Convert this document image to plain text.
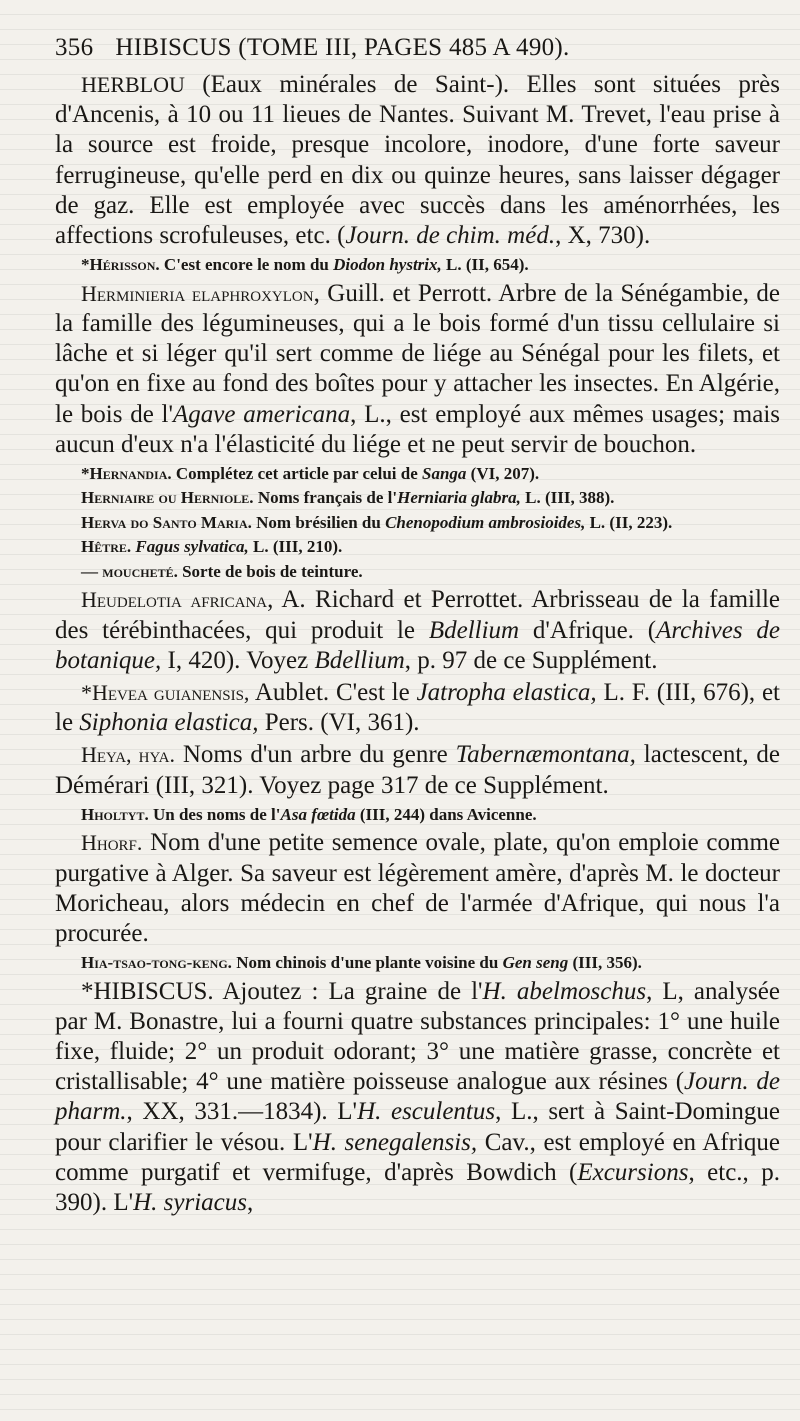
356 HIBISCUS (TOME III, PAGES 485 A 490).

HERBLOU (Eaux minérales de Saint-). Elles sont situées près d'Ancenis, à 10 ou 11 lieues de Nantes. Suivant M. Trevet, l'eau prise à la source est froide, presque incolore, inodore, d'une forte saveur ferrugineuse, qu'elle perd en dix ou quinze heures, sans laisser dégager de gaz. Elle est employée avec succès dans les aménorrhées, les affections scrofuleuses, etc. (Journ. de chim. méd., X, 730).

*Hérisson. C'est encore le nom du Diodon hystrix, L. (II, 654).

Herminieria elaphroxylon, Guill. et Perrott. Arbre de la Sénégambie, de la famille des légumineuses, qui a le bois formé d'un tissu cellulaire si lâche et si léger qu'il sert comme de liége au Sénégal pour les filets, et qu'on en fixe au fond des boîtes pour y attacher les insectes. En Algérie, le bois de l'Agave americana, L., est employé aux mêmes usages; mais aucun d'eux n'a l'élasticité du liége et ne peut servir de bouchon.

*Hernandia. Complétez cet article par celui de Sanga (VI, 207).

Herniaire ou Herniole. Noms français de l'Herniaria glabra, L. (III, 388).

Herva do Santo Maria. Nom brésilien du Chenopodium ambrosioides, L. (II, 223).

Hêtre. Fagus sylvatica, L. (III, 210).

— moucheté. Sorte de bois de teinture.

Heudelotia africana, A. Richard et Perrottet. Arbrisseau de la famille des térébinthacées, qui produit le Bdellium d'Afrique. (Archives de botanique, I, 420). Voyez Bdellium, p. 97 de ce Supplément.

*Hevea guianensis, Aublet. C'est le Jatropha elastica, L. F. (III, 676), et le Siphonia elastica, Pers. (VI, 361).

Heya, hya. Noms d'un arbre du genre Tabernæmontana, lactescent, de Démérari (III, 321). Voyez page 317 de ce Supplément.

Hholtyt. Un des noms de l'Asa fœtida (III, 244) dans Avicenne.

Hhorf. Nom d'une petite semence ovale, plate, qu'on emploie comme purgative à Alger. Sa saveur est légèrement amère, d'après M. le docteur Moricheau, alors médecin en chef de l'armée d'Afrique, qui nous l'a procurée.

Hia-tsao-tong-keng. Nom chinois d'une plante voisine du Gen seng (III, 356).

*HIBISCUS. Ajoutez : La graine de l'H. abelmoschus, L, analysée par M. Bonastre, lui a fourni quatre substances principales: 1° une huile fixe, fluide; 2° un produit odorant; 3° une matière grasse, concrète et cristallisable; 4° une matière poisseuse analogue aux résines (Journ. de pharm., XX, 331.—1834). L'H. esculentus, L., sert à Saint-Domingue pour clarifier le vésou. L'H. senegalensis, Cav., est employé en Afrique comme purgatif et vermifuge, d'après Bowdich (Excursions, etc., p. 390). L'H. syriacus,
